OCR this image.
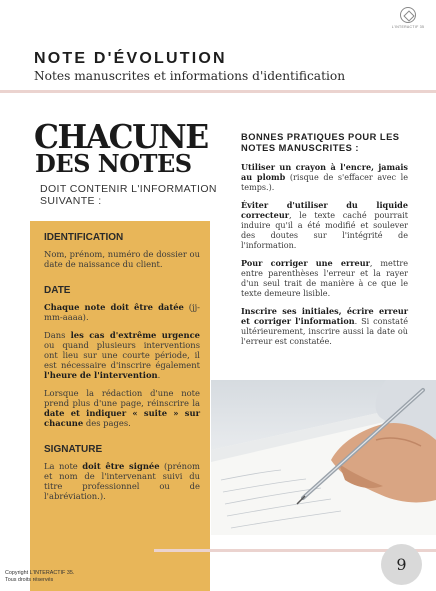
L'INTERACTIF 35
NOTE D'ÉVOLUTION
Notes manuscrites et informations d'identification
CHACUNE
DES NOTES
DOIT CONTENIR L'INFORMATION SUIVANTE :
IDENTIFICATION
Nom, prénom, numéro de dossier ou date de naissance du client.
DATE
Chaque note doit être datée (jj-mm-aaaa).
Dans les cas d'extrême urgence ou quand plusieurs interventions ont lieu sur une courte période, il est nécessaire d'inscrire également l'heure de l'intervention.
Lorsque la rédaction d'une note prend plus d'une page, réinscrire la date et indiquer « suite » sur chacune des pages.
SIGNATURE
La note doit être signée (prénom et nom de l'intervenant suivi du titre professionnel ou de l'abréviation.).
BONNES PRATIQUES POUR LES NOTES MANUSCRITES :
Utiliser un crayon à l'encre, jamais au plomb (risque de s'effacer avec le temps.).
Éviter d'utiliser du liquide correcteur, le texte caché pourrait induire qu'il a été modifié et soulever des doutes sur l'intégrité de l'information.
Pour corriger une erreur, mettre entre parenthèses l'erreur et la rayer d'un seul trait de manière à ce que le texte demeure lisible.
Inscrire ses initiales, écrire erreur et corriger l'information. Si constaté ultérieurement, inscrire aussi la date où l'erreur est constatée.
9
Copyright L'INTERACTIF 35.
Tous droits réservés
